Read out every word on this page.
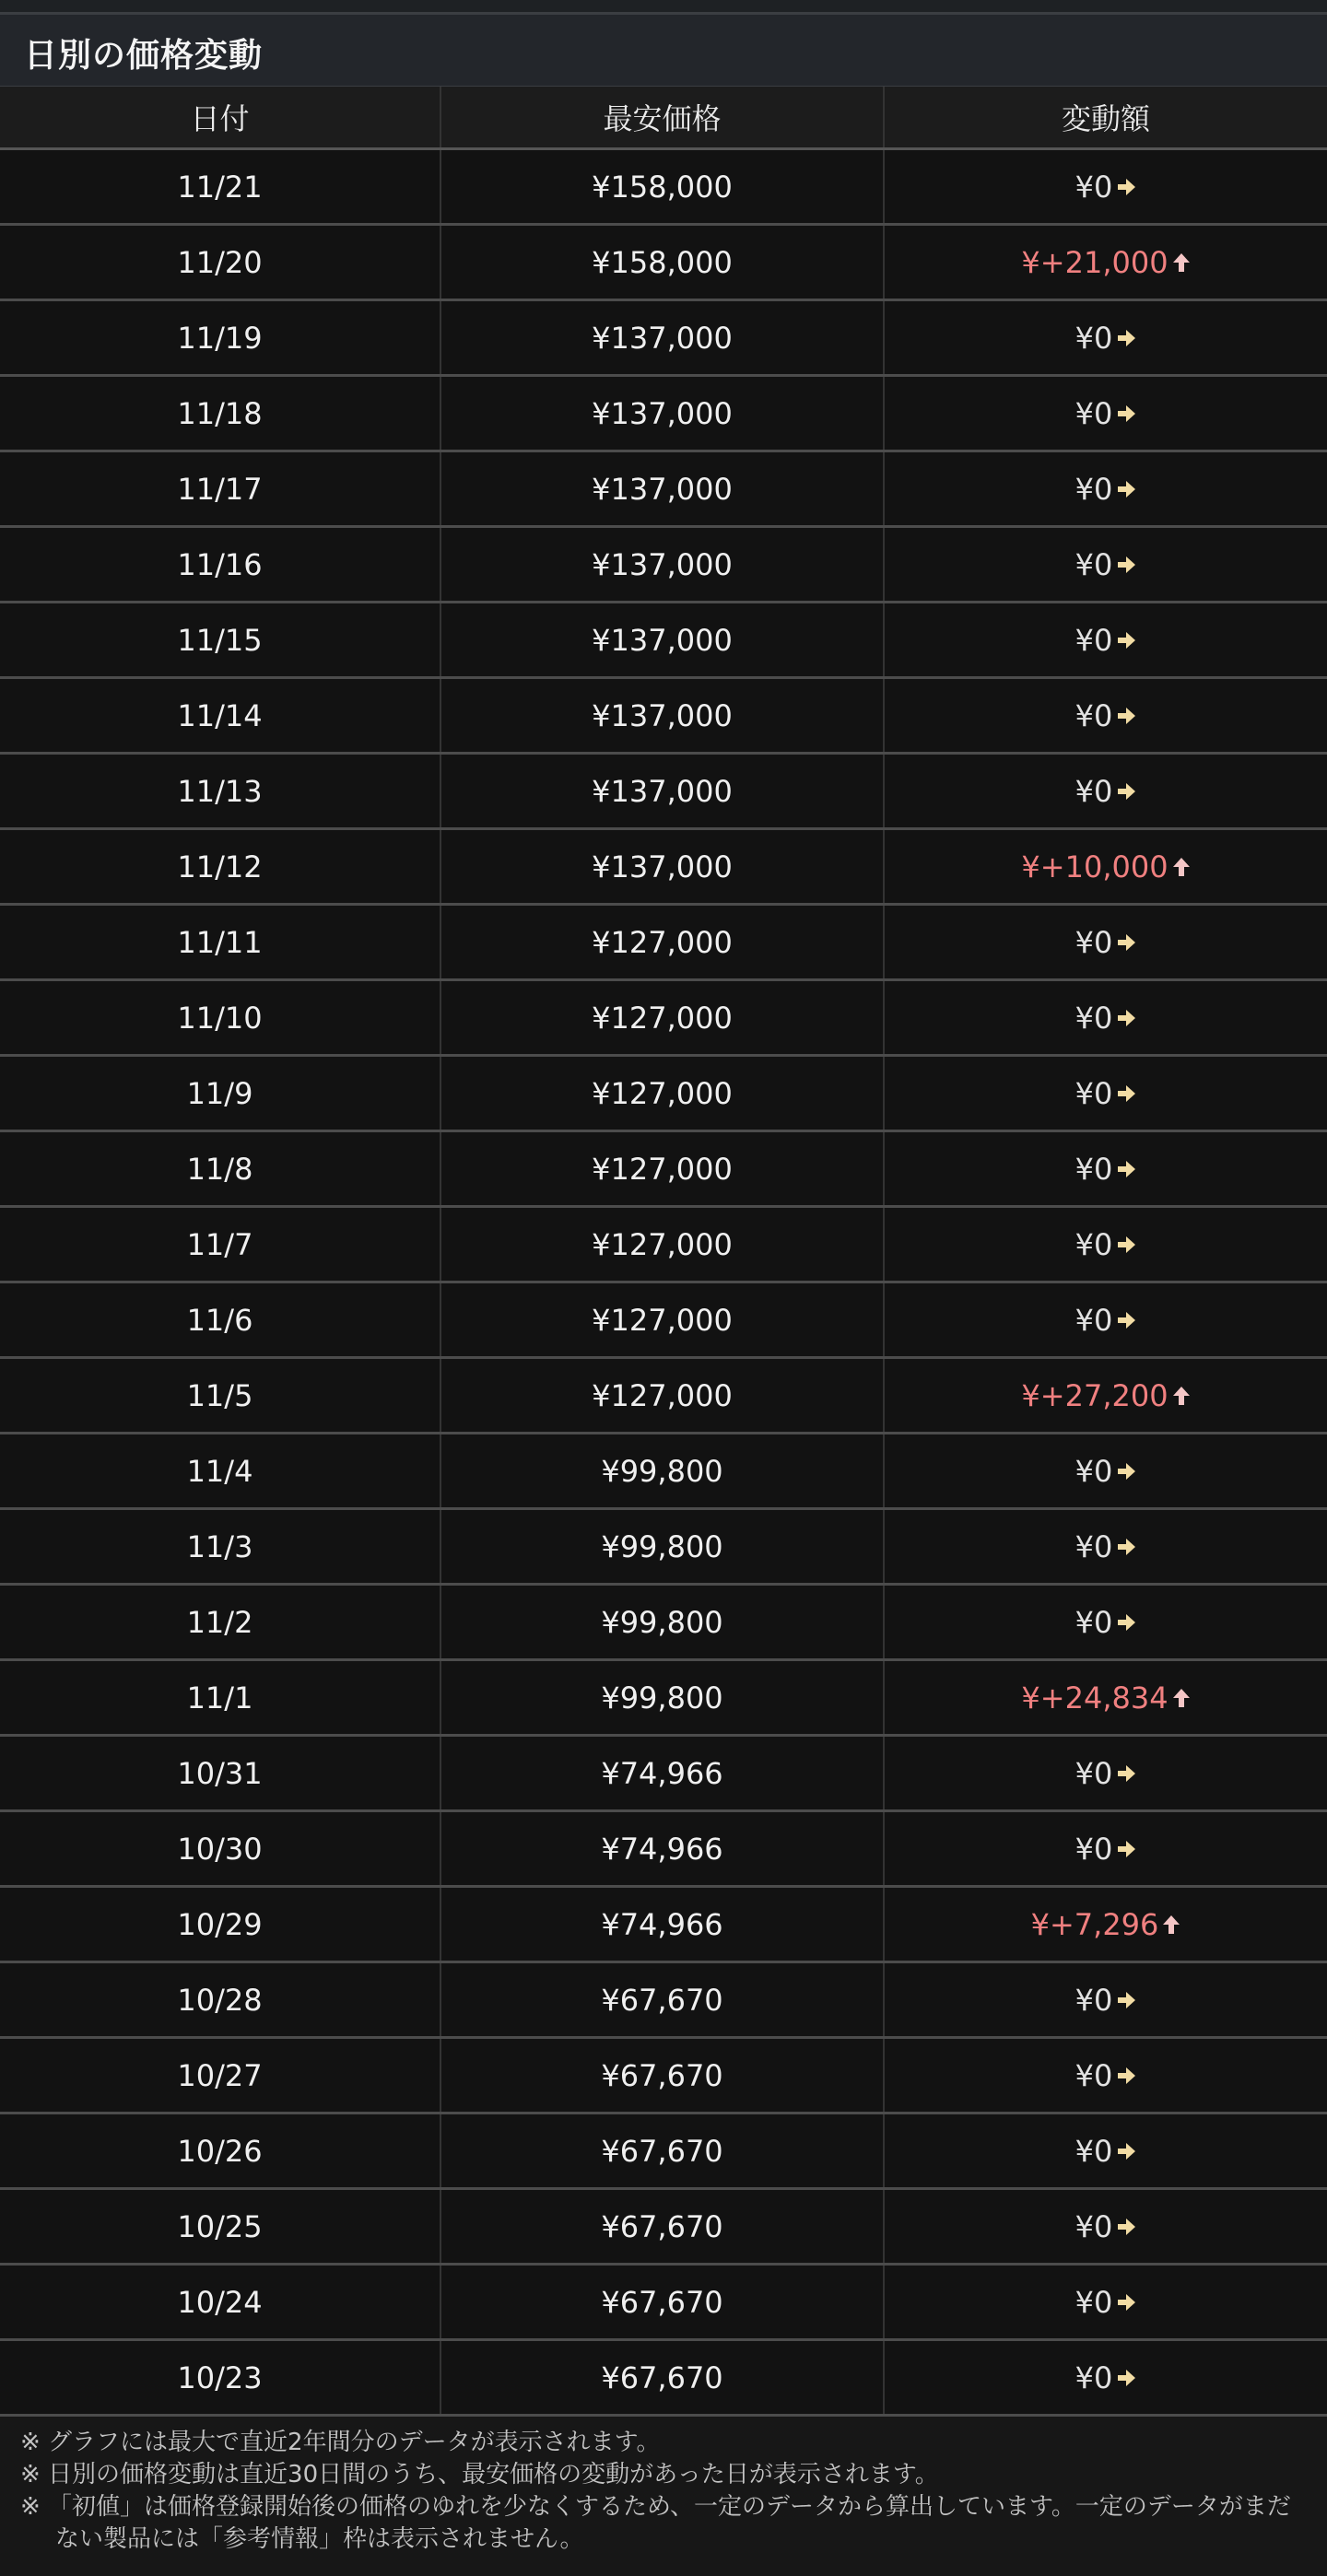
日別の価格変動
日付	最安価格	変動額
11/21	¥158,000	¥0
11/20	¥158,000	¥+21,000
11/19	¥137,000	¥0
11/18	¥137,000	¥0
11/17	¥137,000	¥0
11/16	¥137,000	¥0
11/15	¥137,000	¥0
11/14	¥137,000	¥0
11/13	¥137,000	¥0
11/12	¥137,000	¥+10,000
11/11	¥127,000	¥0
11/10	¥127,000	¥0
11/9	¥127,000	¥0
11/8	¥127,000	¥0
11/7	¥127,000	¥0
11/6	¥127,000	¥0
11/5	¥127,000	¥+27,200
11/4	¥99,800	¥0
11/3	¥99,800	¥0
11/2	¥99,800	¥0
11/1	¥99,800	¥+24,834
10/31	¥74,966	¥0
10/30	¥74,966	¥0
10/29	¥74,966	¥+7,296
10/28	¥67,670	¥0
10/27	¥67,670	¥0
10/26	¥67,670	¥0
10/25	¥67,670	¥0
10/24	¥67,670	¥0
10/23	¥67,670	¥0
※ グラフには最大で直近2年間分のデータが表示されます。
※ 日別の価格変動は直近30日間のうち、最安価格の変動があった日が表示されます。
※ 「初値」は価格登録開始後の価格のゆれを少なくするため、一定のデータから算出しています。一定のデータがまだない製品には「参考情報」枠は表示されません。
